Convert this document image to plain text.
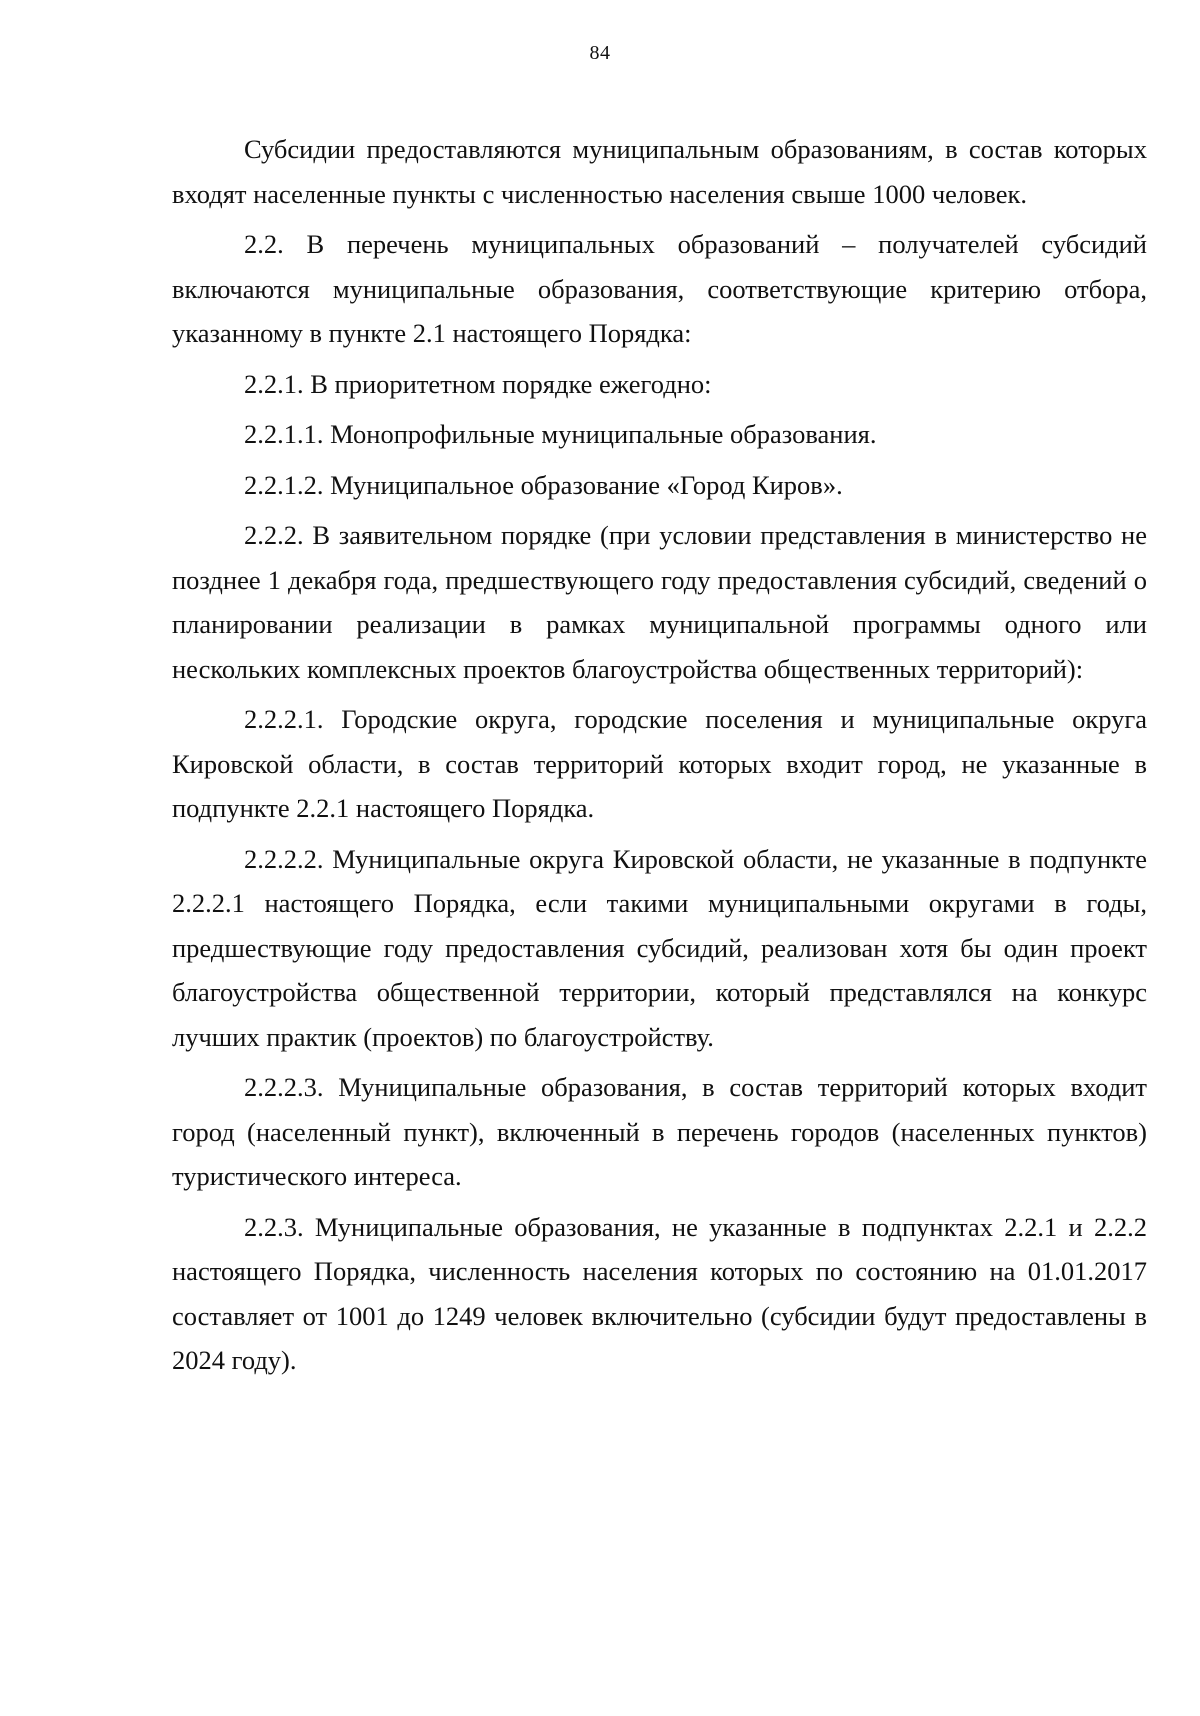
84

Субсидии предоставляются муниципальным образованиям, в состав которых входят населенные пункты с численностью населения свыше 1000 человек.

2.2. В перечень муниципальных образований – получателей субсидий включаются муниципальные образования, соответствующие критерию отбора, указанному в пункте 2.1 настоящего Порядка:

2.2.1. В приоритетном порядке ежегодно:

2.2.1.1. Монопрофильные муниципальные образования.

2.2.1.2. Муниципальное образование «Город Киров».

2.2.2. В заявительном порядке (при условии представления в министерство не позднее 1 декабря года, предшествующего году предоставления субсидий, сведений о планировании реализации в рамках муниципальной программы одного или нескольких комплексных проектов благоустройства общественных территорий):

2.2.2.1. Городские округа, городские поселения и муниципальные округа Кировской области, в состав территорий которых входит город, не указанные в подпункте 2.2.1 настоящего Порядка.

2.2.2.2. Муниципальные округа Кировской области, не указанные в подпункте 2.2.2.1 настоящего Порядка, если такими муниципальными округами в годы, предшествующие году предоставления субсидий, реализован хотя бы один проект благоустройства общественной территории, который представлялся на конкурс лучших практик (проектов) по благоустройству.

2.2.2.3. Муниципальные образования, в состав территорий которых входит город (населенный пункт), включенный в перечень городов (населенных пунктов) туристического интереса.

2.2.3. Муниципальные образования, не указанные в подпунктах 2.2.1 и 2.2.2 настоящего Порядка, численность населения которых по состоянию на 01.01.2017 составляет от 1001 до 1249 человек включительно (субсидии будут предоставлены в 2024 году).
